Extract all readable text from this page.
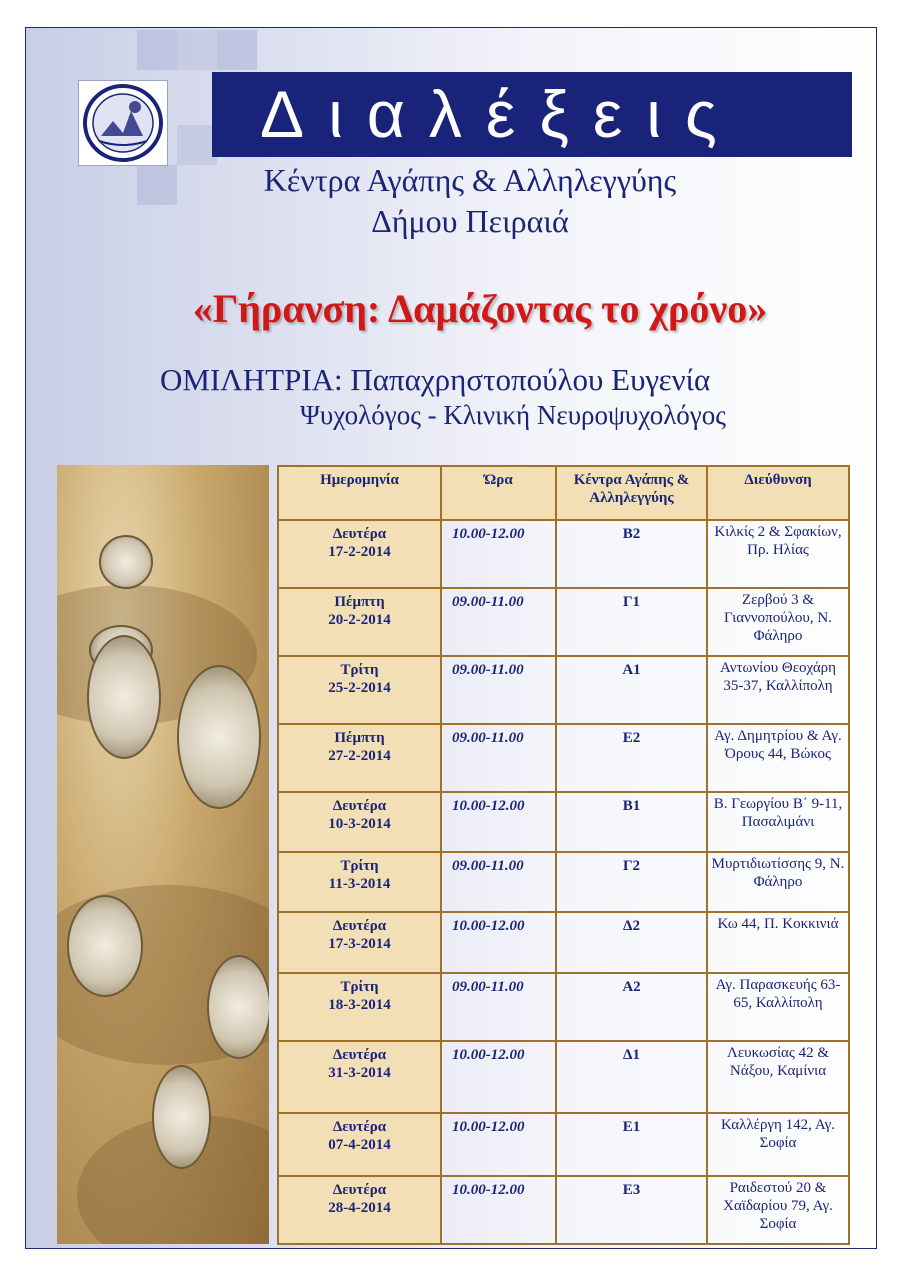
Διαλέξεις
Κέντρα Αγάπης & Αλληλεγγύης
Δήμου Πειραιά
«Γήρανση: Δαμάζοντας το χρόνο»
ΟΜΙΛΗΤΡΙΑ: Παπαχρηστοπούλου Ευγενία
Ψυχολόγος - Κλινική Νευροψυχολόγος
Ημερομηνία	Ώρα	Κέντρα Αγάπης & Αλληλεγγύης	Διεύθυνση

Δευτέρα
17-2-2014	10.00-12.00	Β2	Κιλκίς 2 & Σφακίων, Πρ. Ηλίας

Πέμπτη
20-2-2014	09.00-11.00	Γ1	Ζερβού 3 & Γιαννοπούλου, Ν. Φάληρο

Τρίτη
25-2-2014	09.00-11.00	Α1	Αντωνίου Θεοχάρη 35-37, Καλλίπολη

Πέμπτη
27-2-2014	09.00-11.00	Ε2	Αγ. Δημητρίου & Αγ. Όρους 44, Βώκος

Δευτέρα
10-3-2014	10.00-12.00	Β1	Β. Γεωργίου Β΄ 9-11, Πασαλιμάνι

Τρίτη
11-3-2014	09.00-11.00	Γ2	Μυρτιδιωτίσσης 9, Ν. Φάληρο

Δευτέρα
17-3-2014	10.00-12.00	Δ2	Κω 44, Π. Κοκκινιά

Τρίτη
18-3-2014	09.00-11.00	Α2	Αγ. Παρασκευής 63-65, Καλλίπολη

Δευτέρα
31-3-2014	10.00-12.00	Δ1	Λευκωσίας 42 & Νάξου, Καμίνια

Δευτέρα
07-4-2014	10.00-12.00	Ε1	Καλλέργη 142, Αγ. Σοφία

Δευτέρα
28-4-2014	10.00-12.00	Ε3	Ραιδεστού 20 & Χαϊδαρίου 79, Αγ. Σοφία
